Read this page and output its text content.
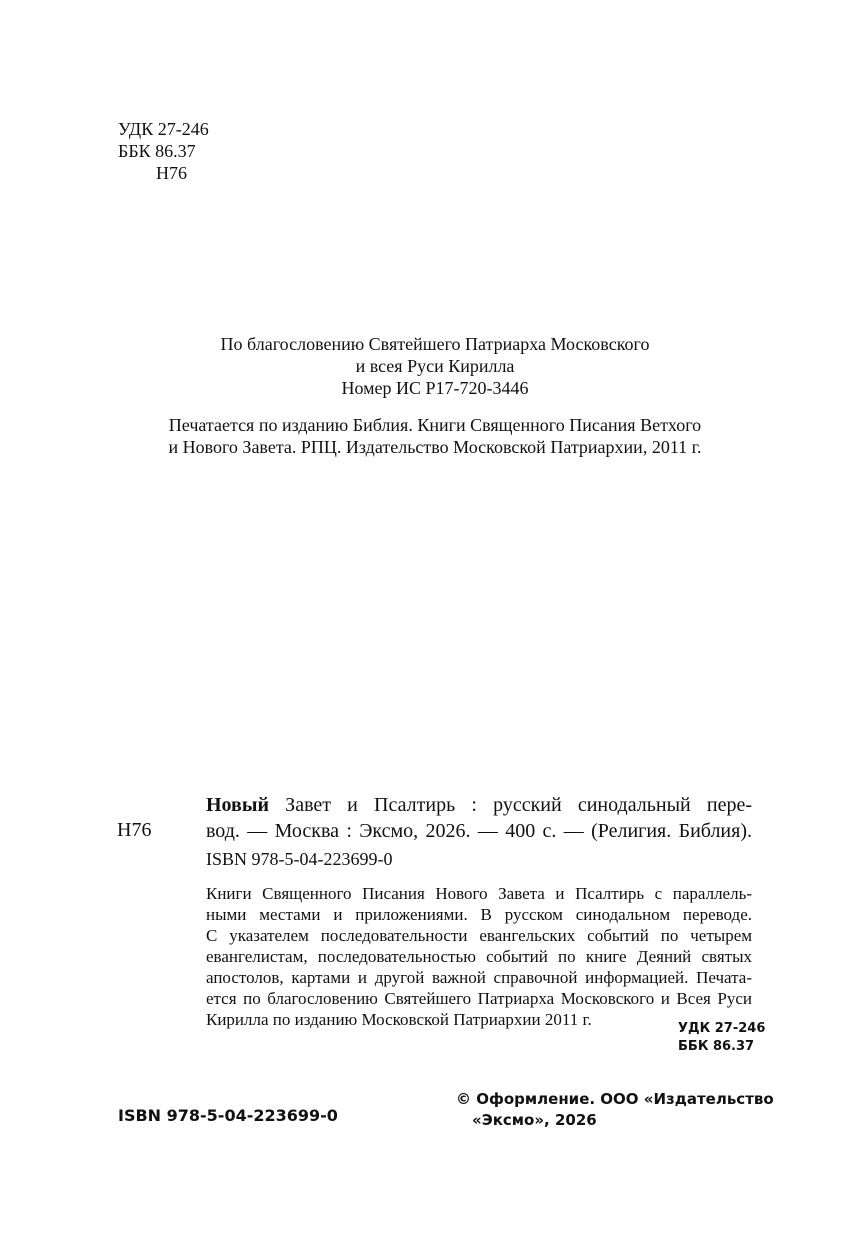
УДК 27-246
ББК 86.37
Н76
По благословению Святейшего Патриарха Московского
и всея Руси Кирилла
Номер ИС Р17-720-3446
Печатается по изданию Библия. Книги Священного Писания Ветхого
и Нового Завета. РПЦ. Издательство Московской Патриархии, 2011 г.
Н76
Новый Завет и Псалтирь : русский синодальный пере-
вод. — Москва : Эксмо, 2026. — 400 с. — (Религия. Библия).
ISBN 978-5-04-223699-0
Книги Священного Писания Нового Завета и Псалтирь с параллель-
ными местами и приложениями. В русском синодальном переводе.
С указателем последовательности евангельских событий по четырем
евангелистам, последовательностью событий по книге Деяний святых
апостолов, картами и другой важной справочной информацией. Печата-
ется по благословению Святейшего Патриарха Московского и Всея Руси
Кирилла по изданию Московской Патриархии 2011 г.	УДК 27-246
ББК 86.37
ISBN 978-5-04-223699-0
© Оформление. ООО «Издательство
«Эксмо», 2026
